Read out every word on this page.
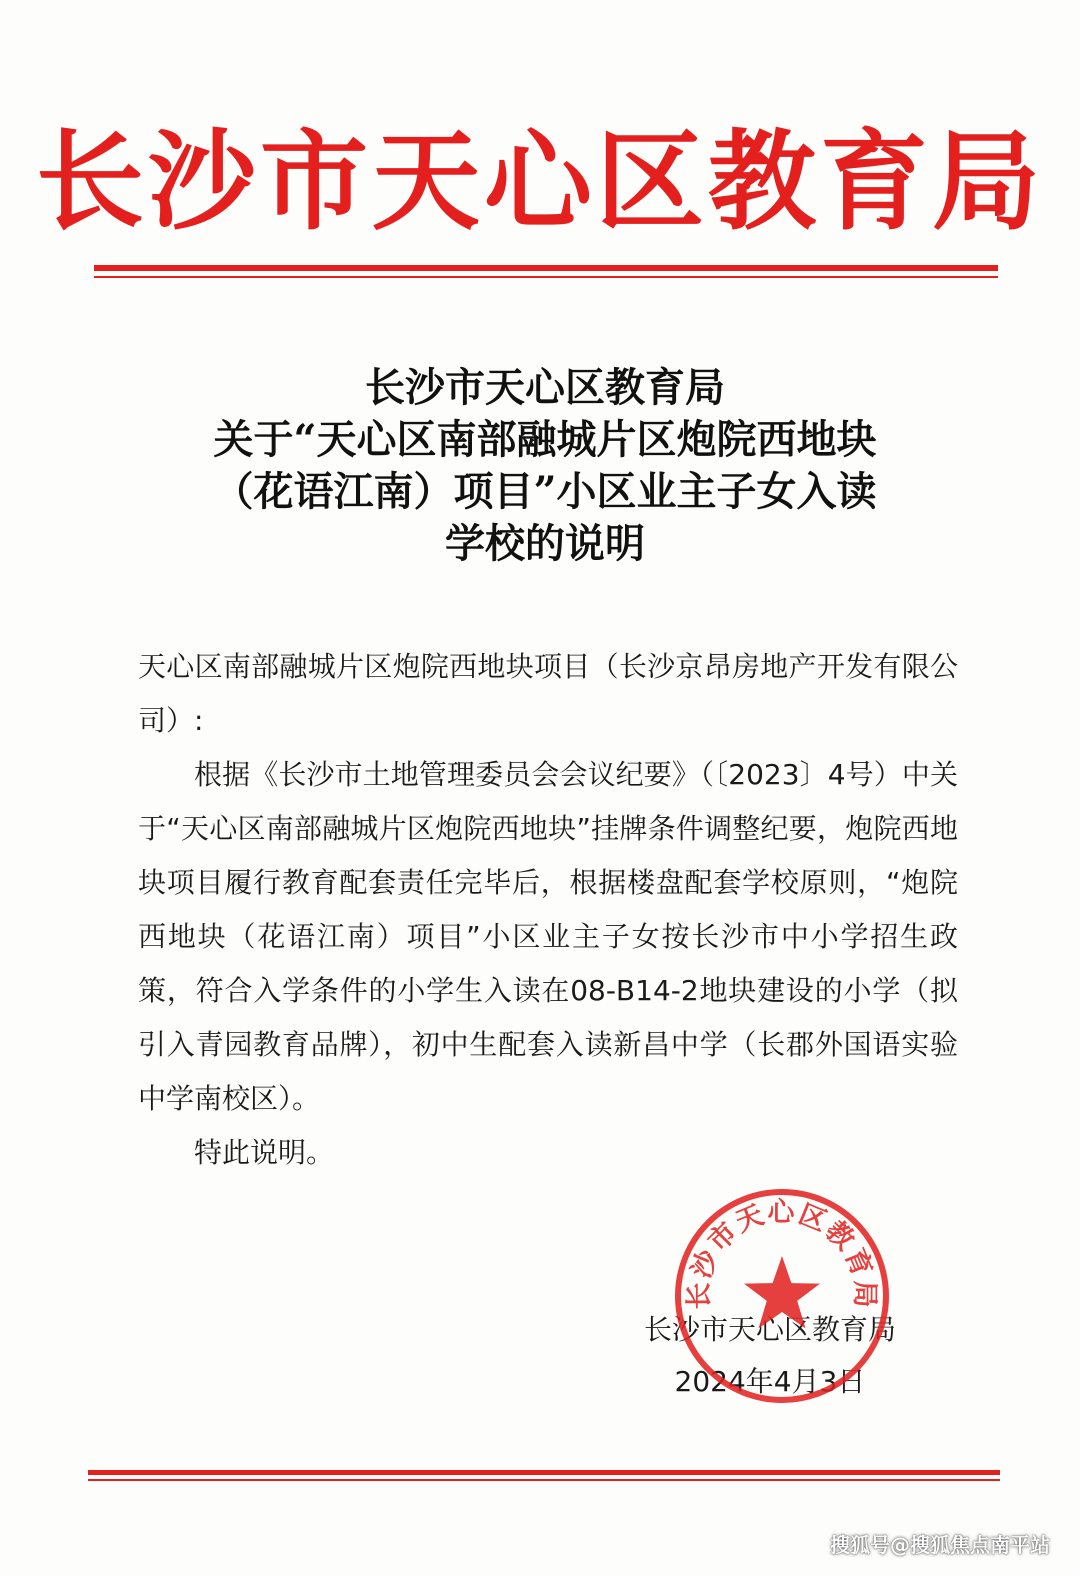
长沙市天心区教育局
长沙市天心区教育局
关于“天心区南部融城片区炮院西地块
（花语江南）项目”小区业主子女入读
学校的说明

天心区南部融城片区炮院西地块项目（长沙京昂房地产开发有限公司）:

根据《长沙市土地管理委员会会议纪要》（〔2023〕4号）中关于“天心区南部融城片区炮院西地块”挂牌条件调整纪要，炮院西地块项目履行教育配套责任完毕后，根据楼盘配套学校原则，“炮院西地块（花语江南）项目”小区业主子女按长沙市中小学招生政策，符合入学条件的小学生入读在08-B14-2地块建设的小学（拟引入青园教育品牌），初中生配套入读新昌中学（长郡外国语实验中学南校区）。

特此说明。

长沙市天心区教育局
2024年4月3日
长沙市天心区教育局
搜狐号@搜狐焦点南平站
